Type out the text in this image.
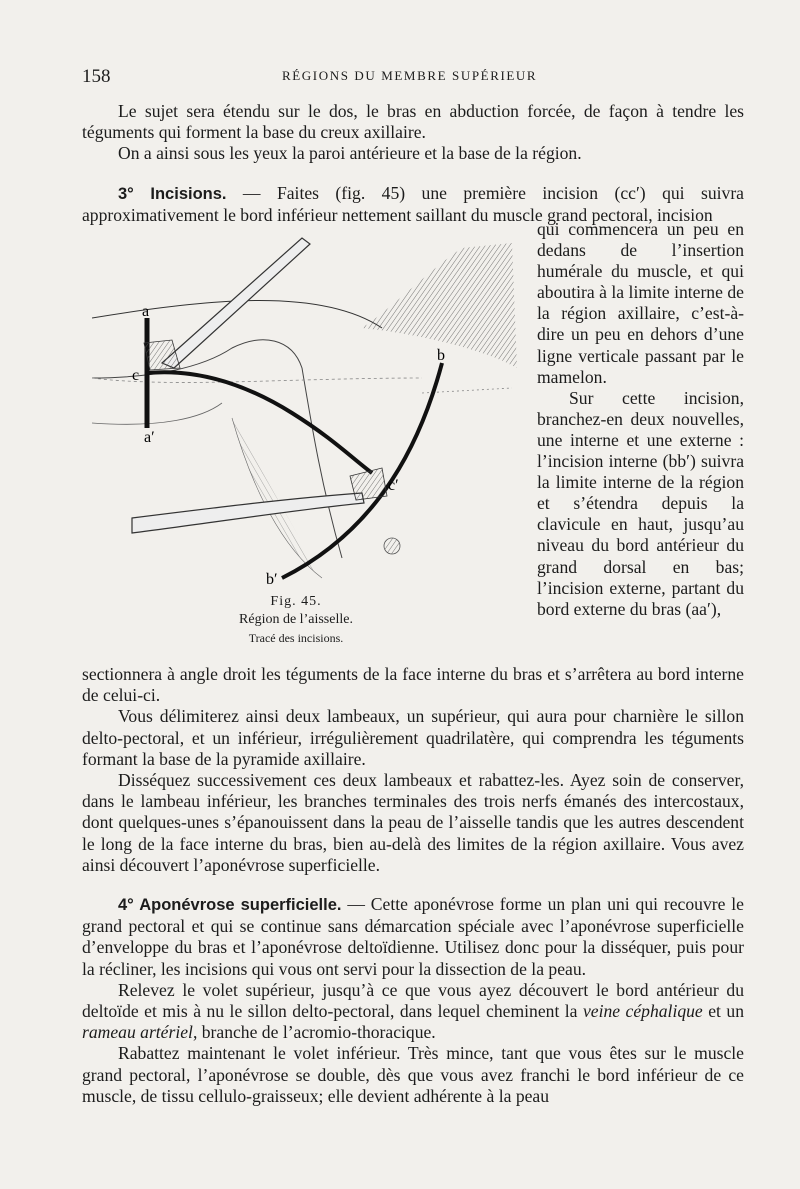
158	RÉGIONS DU MEMBRE SUPÉRIEUR

Le sujet sera étendu sur le dos, le bras en abduction forcée, de façon à tendre les téguments qui forment la base du creux axillaire.

On a ainsi sous les yeux la paroi antérieure et la base de la région.

3° Incisions. — Faites (fig. 45) une première incision (cc′) qui suivra approximativement le bord inférieur nettement saillant du muscle grand pectoral, incision

a
a′
c
c′
b
b′
Fig. 45.
Région de l’aisselle.
Tracé des incisions.

qui commencera un peu en dedans de l’insertion humérale du muscle, et qui aboutira à la limite interne de la région axillaire, c’est-à-dire un peu en dehors d’une ligne verticale passant par le mamelon.

Sur cette incision, branchez-en deux nouvelles, une interne et une externe : l’incision interne (bb′) suivra la limite interne de la région et s’étendra depuis la clavicule en haut, jusqu’au niveau du bord antérieur du grand dorsal en bas; l’incision externe, partant du bord externe du bras (aa′),

sectionnera à angle droit les téguments de la face interne du bras et s’arrêtera au bord interne de celui-ci.

Vous délimiterez ainsi deux lambeaux, un supérieur, qui aura pour charnière le sillon delto-pectoral, et un inférieur, irrégulièrement quadrilatère, qui comprendra les téguments formant la base de la pyramide axillaire.

Disséquez successivement ces deux lambeaux et rabattez-les. Ayez soin de conserver, dans le lambeau inférieur, les branches terminales des trois nerfs émanés des intercostaux, dont quelques-unes s’épanouissent dans la peau de l’aisselle tandis que les autres descendent le long de la face interne du bras, bien au-delà des limites de la région axillaire. Vous avez ainsi découvert l’aponévrose superficielle.

4° Aponévrose superficielle. — Cette aponévrose forme un plan uni qui recouvre le grand pectoral et qui se continue sans démarcation spéciale avec l’aponévrose superficielle d’enveloppe du bras et l’aponévrose deltoïdienne. Utilisez donc pour la disséquer, puis pour la récliner, les incisions qui vous ont servi pour la dissection de la peau.

Relevez le volet supérieur, jusqu’à ce que vous ayez découvert le bord antérieur du deltoïde et mis à nu le sillon delto-pectoral, dans lequel cheminent la veine céphalique et un rameau artériel, branche de l’acromio-thoracique.

Rabattez maintenant le volet inférieur. Très mince, tant que vous êtes sur le muscle grand pectoral, l’aponévrose se double, dès que vous avez franchi le bord inférieur de ce muscle, de tissu cellulo-graisseux; elle devient adhérente à la peau
